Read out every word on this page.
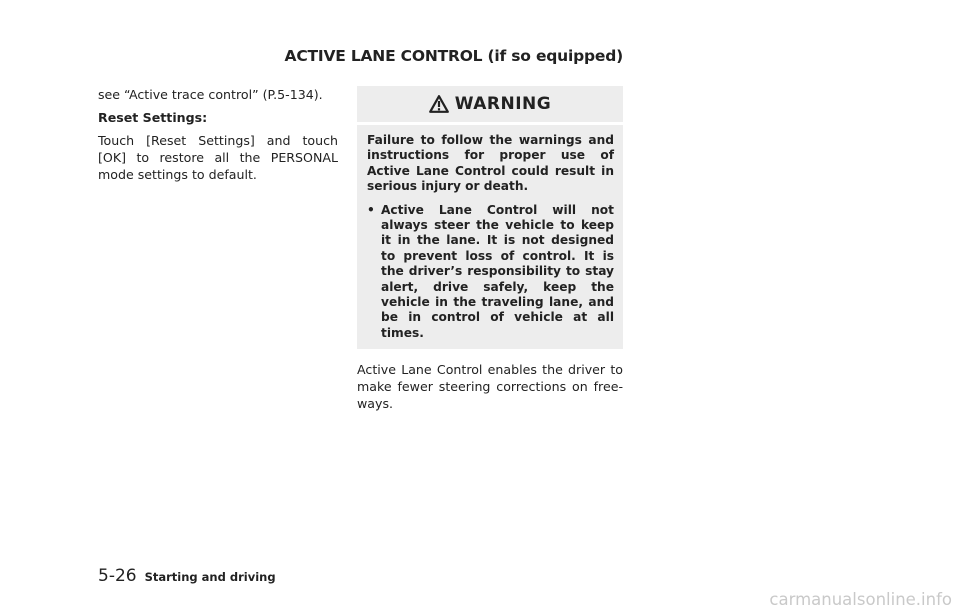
ACTIVE LANE CONTROL (if so equipped)

see “Active trace control” (P.5-134).

Reset Settings:

Touch [Reset Settings] and touch [OK] to restore all the PERSONAL mode settings to default.

WARNING

Failure to follow the warnings and instructions for proper use of Active Lane Control could result in serious injury or death.

• Active Lane Control will not always steer the vehicle to keep it in the lane. It is not designed to prevent loss of control. It is the driver’s responsibility to stay alert, drive safely, keep the vehicle in the traveling lane, and be in control of vehicle at all times.

Active Lane Control enables the driver to make fewer steering corrections on free-ways.

5-26 Starting and driving
carmanualsonline.info
